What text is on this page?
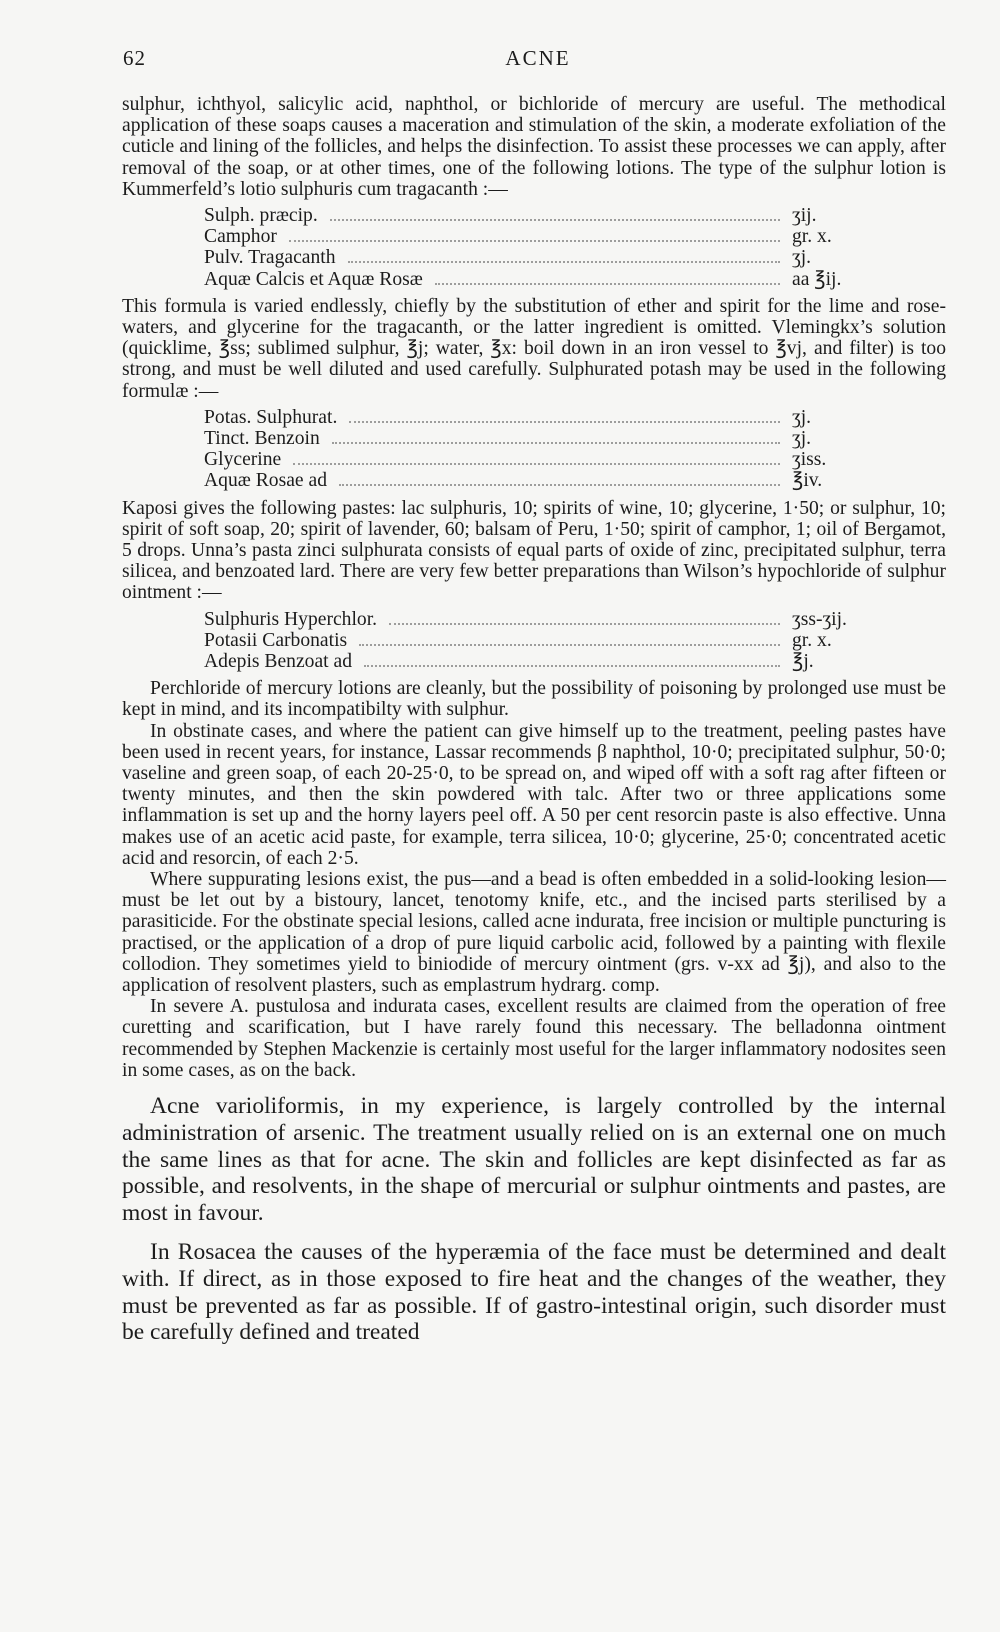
62	ACNE

sulphur, ichthyol, salicylic acid, naphthol, or bichloride of mercury are useful. The methodical application of these soaps causes a maceration and stimulation of the skin, a moderate exfoliation of the cuticle and lining of the follicles, and helps the disinfection. To assist these processes we can apply, after removal of the soap, or at other times, one of the following lotions. The type of the sulphur lotion is Kummerfeld’s lotio sulphuris cum tragacanth :—

Sulph. præcip.	ʒij.
Camphor	gr. x.
Pulv. Tragacanth	ʒj.
Aquæ Calcis et Aquæ Rosæ	aa ℥ij.

This formula is varied endlessly, chiefly by the substitution of ether and spirit for the lime and rose-waters, and glycerine for the tragacanth, or the latter ingredient is omitted. Vlemingkx’s solution (quicklime, ℥ss; sublimed sulphur, ℥j; water, ℥x: boil down in an iron vessel to ℥vj, and filter) is too strong, and must be well diluted and used carefully. Sulphurated potash may be used in the following formulæ :—

Potas. Sulphurat.	ʒj.
Tinct. Benzoin	ʒj.
Glycerine	ʒiss.
Aquæ Rosae ad	℥iv.

Kaposi gives the following pastes: lac sulphuris, 10; spirits of wine, 10; glycerine, 1·50; or sulphur, 10; spirit of soft soap, 20; spirit of lavender, 60; balsam of Peru, 1·50; spirit of camphor, 1; oil of Bergamot, 5 drops. Unna’s pasta zinci sulphurata consists of equal parts of oxide of zinc, precipitated sulphur, terra silicea, and benzoated lard. There are very few better preparations than Wilson’s hypochloride of sulphur ointment :—

Sulphuris Hyperchlor.	ʒss-ʒij.
Potasii Carbonatis	gr. x.
Adepis Benzoat ad	℥j.

Perchloride of mercury lotions are cleanly, but the possibility of poisoning by prolonged use must be kept in mind, and its incompatibilty with sulphur.

In obstinate cases, and where the patient can give himself up to the treatment, peeling pastes have been used in recent years, for instance, Lassar recommends β naphthol, 10·0; precipitated sulphur, 50·0; vaseline and green soap, of each 20-25·0, to be spread on, and wiped off with a soft rag after fifteen or twenty minutes, and then the skin powdered with talc. After two or three applications some inflammation is set up and the horny layers peel off. A 50 per cent resorcin paste is also effective. Unna makes use of an acetic acid paste, for example, terra silicea, 10·0; glycerine, 25·0; concentrated acetic acid and resorcin, of each 2·5.

Where suppurating lesions exist, the pus—and a bead is often embedded in a solid-looking lesion—must be let out by a bistoury, lancet, tenotomy knife, etc., and the incised parts sterilised by a parasiticide. For the obstinate special lesions, called acne indurata, free incision or multiple puncturing is practised, or the application of a drop of pure liquid carbolic acid, followed by a painting with flexile collodion. They sometimes yield to biniodide of mercury ointment (grs. v-xx ad ℥j), and also to the application of resolvent plasters, such as emplastrum hydrarg. comp.

In severe A. pustulosa and indurata cases, excellent results are claimed from the operation of free curetting and scarification, but I have rarely found this necessary. The belladonna ointment recommended by Stephen Mackenzie is certainly most useful for the larger inflammatory nodosites seen in some cases, as on the back.

Acne varioliformis, in my experience, is largely controlled by the internal administration of arsenic. The treatment usually relied on is an external one on much the same lines as that for acne. The skin and follicles are kept disinfected as far as possible, and resolvents, in the shape of mercurial or sulphur ointments and pastes, are most in favour.

In Rosacea the causes of the hyperæmia of the face must be determined and dealt with. If direct, as in those exposed to fire heat and the changes of the weather, they must be prevented as far as possible. If of gastro-intestinal origin, such disorder must be carefully defined and treated
